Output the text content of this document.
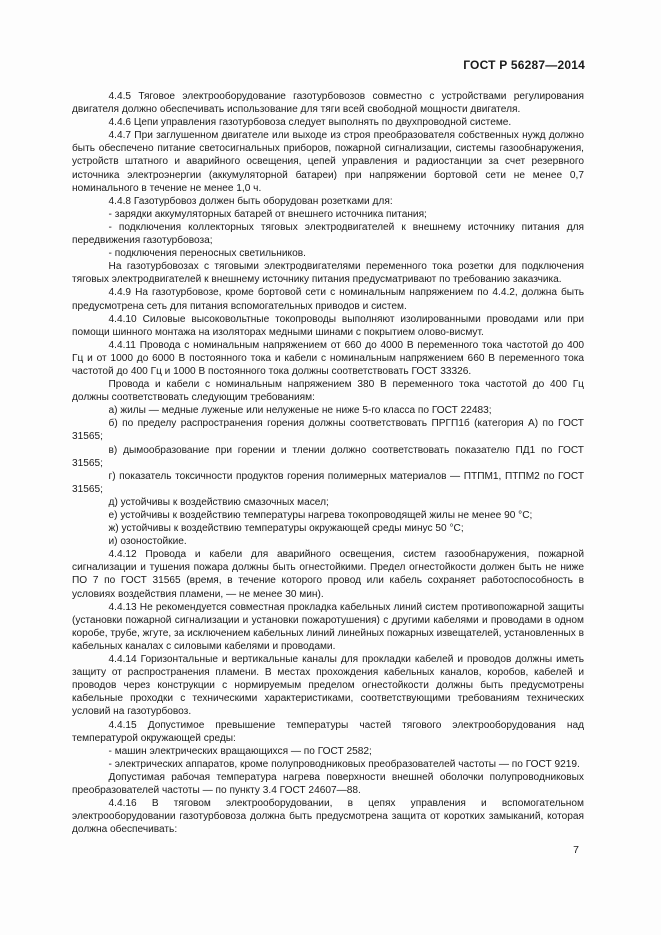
ГОСТ Р 56287—2014

4.4.5 Тяговое электрооборудование газотурбовозов совместно с устройствами регулирования двигателя должно обеспечивать использование для тяги всей свободной мощности двигателя.

4.4.6 Цепи управления газотурбовоза следует выполнять по двухпроводной системе.

4.4.7 При заглушенном двигателе или выходе из строя преобразователя собственных нужд должно быть обеспечено питание светосигнальных приборов, пожарной сигнализации, системы газообнаружения, устройств штатного и аварийного освещения, цепей управления и радиостанции за счет резервного источника электроэнергии (аккумуляторной батареи) при напряжении бортовой сети не менее 0,7 номинального в течение не менее 1,0 ч.

4.4.8 Газотурбовоз должен быть оборудован розетками для:

- зарядки аккумуляторных батарей от внешнего источника питания;

- подключения коллекторных тяговых электродвигателей к внешнему источнику питания для передвижения газотурбовоза;

- подключения переносных светильников.

На газотурбовозах с тяговыми электродвигателями переменного тока розетки для подключения тяговых электродвигателей к внешнему источнику питания предусматривают по требованию заказчика.

4.4.9 На газотурбовозе, кроме бортовой сети с номинальным напряжением по 4.4.2, должна быть предусмотрена сеть для питания вспомогательных приводов и систем.

4.4.10 Силовые высоковольтные токопроводы выполняют изолированными проводами или при помощи шинного монтажа на изоляторах медными шинами с покрытием олово-висмут.

4.4.11 Провода с номинальным напряжением от 660 до 4000 В переменного тока частотой до 400 Гц и от 1000 до 6000 В постоянного тока и кабели с номинальным напряжением 660 В переменного тока частотой до 400 Гц и 1000 В постоянного тока должны соответствовать ГОСТ 33326.

Провода и кабели с номинальным напряжением 380 В переменного тока частотой до 400 Гц должны соответствовать следующим требованиям:

а) жилы — медные луженые или нелуженые не ниже 5-го класса по ГОСТ 22483;

б) по пределу распространения горения должны соответствовать ПРГП1б (категория А) по ГОСТ 31565;

в) дымообразование при горении и тлении должно соответствовать показателю ПД1 по ГОСТ 31565;

г) показатель токсичности продуктов горения полимерных материалов — ПТПМ1, ПТПМ2 по ГОСТ 31565;

д) устойчивы к воздействию смазочных масел;

е) устойчивы к воздействию температуры нагрева токопроводящей жилы не менее 90 °С;

ж) устойчивы к воздействию температуры окружающей среды минус 50 °С;

и) озоностойкие.

4.4.12 Провода и кабели для аварийного освещения, систем газообнаружения, пожарной сигнализации и тушения пожара должны быть огнестойкими. Предел огнестойкости должен быть не ниже ПО 7 по ГОСТ 31565 (время, в течение которого провод или кабель сохраняет работоспособность в условиях воздействия пламени, — не менее 30 мин).

4.4.13 Не рекомендуется совместная прокладка кабельных линий систем противопожарной защиты (установки пожарной сигнализации и установки пожаротушения) с другими кабелями и проводами в одном коробе, трубе, жгуте, за исключением кабельных линий линейных пожарных извещателей, установленных в кабельных каналах с силовыми кабелями и проводами.

4.4.14 Горизонтальные и вертикальные каналы для прокладки кабелей и проводов должны иметь защиту от распространения пламени. В местах прохождения кабельных каналов, коробов, кабелей и проводов через конструкции с нормируемым пределом огнестойкости должны быть предусмотрены кабельные проходки с техническими характеристиками, соответствующими требованиям технических условий на газотурбовоз.

4.4.15 Допустимое превышение температуры частей тягового электрооборудования над температурой окружающей среды:

- машин электрических вращающихся — по ГОСТ 2582;

- электрических аппаратов, кроме полупроводниковых преобразователей частоты — по ГОСТ 9219.

Допустимая рабочая температура нагрева поверхности внешней оболочки полупроводниковых преобразователей частоты — по пункту 3.4 ГОСТ 24607—88.

4.4.16 В тяговом электрооборудовании, в цепях управления и вспомогательном электрооборудовании газотурбовоза должна быть предусмотрена защита от коротких замыканий, которая должна обеспечивать:

7
